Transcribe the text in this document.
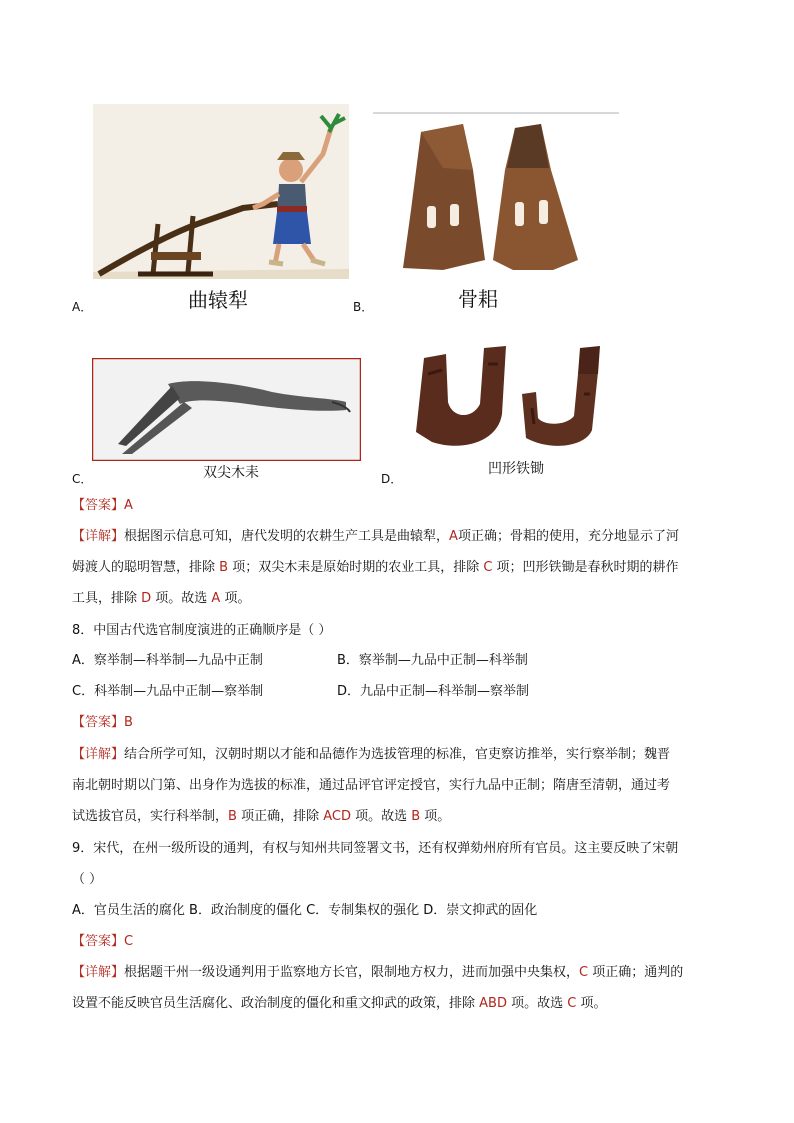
A．	曲辕犁	B．	骨耜
C．	双尖木耒	D．
凹形铁锄
【答案】A
【详解】根据图示信息可知，唐代发明的农耕生产工具是曲辕犁，A项正确；骨耜的使用，充分地显示了河
姆渡人的聪明智慧，排除 B 项；双尖木耒是原始时期的农业工具，排除 C 项；凹形铁锄是春秋时期的耕作
工具，排除 D 项。故选 A 项。
8．中国古代选官制度演进的正确顺序是（ ）
A．察举制—科举制—九品中正制	B．察举制—九品中正制—科举制
C．科举制—九品中正制—察举制	D．九品中正制—科举制—察举制
【答案】B
【详解】结合所学可知，汉朝时期以才能和品德作为选拔管理的标准，官吏察访推举，实行察举制；魏晋
南北朝时期以门第、出身作为选拔的标准，通过品评官评定授官，实行九品中正制；隋唐至清朝，通过考
试选拔官员，实行科举制，B 项正确，排除 ACD 项。故选 B 项。
9．宋代，在州一级所设的通判，有权与知州共同签署文书，还有权弹劾州府所有官员。这主要反映了宋朝
（ ）
A．官员生活的腐化 B．政治制度的僵化 C．专制集权的强化 D．崇文抑武的固化
【答案】C
【详解】根据题干州一级设通判用于监察地方长官，限制地方权力，进而加强中央集权，C 项正确；通判的
设置不能反映官员生活腐化、政治制度的僵化和重文抑武的政策，排除 ABD 项。故选 C 项。
